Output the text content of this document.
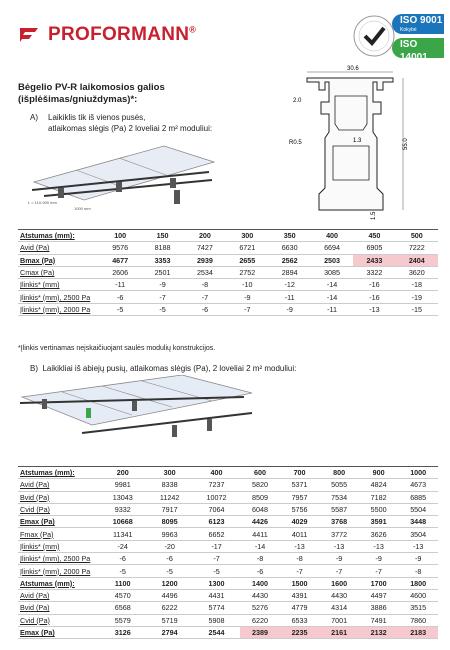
PROFORMANN®
ISO 9001
Kokybė
ISO 14001
Aplinkosauga
Bėgelio PV-R laikomosios galios
(išplėšimas/gniuždymas)*:
A)	Laikiklis tik iš vienos pusės,
atlaikomas slėgis (Pa) 2 loveliai 2 m² moduliui:
30.6
55.0
2.0
R0.5	1.3
1.5
L = 110-900 mm
1000 mm
Atstumas (mm):	100	150	200	300	350	400	450	500
Avid (Pa)	9576	8188	7427	6721	6630	6694	6905	7222
Bmax (Pa)	4677	3353	2939	2655	2562	2503	2433	2404
Cmax (Pa)	2606	2501	2534	2752	2894	3085	3322	3620
Įlinkis* (mm)	-11	-9	-8	-10	-12	-14	-16	-18
Įlinkis* (mm), 2500 Pa	-6	-7	-7	-9	-11	-14	-16	-19
Įlinkis* (mm), 2000 Pa	-5	-5	-6	-7	-9	-11	-13	-15
*Įlinkis vertinamas neįskaičiuojant saulės modulių konstrukcijos.
B) Laikikliai iš abiejų pusių, atlaikomas slėgis (Pa), 2 loveliai 2 m² moduliui:
Atstumas (mm):	200	300	400	600	700	800	900	1000
Avid (Pa)	9981	8338	7237	5820	5371	5055	4824	4673
Bvid (Pa)	13043	11242	10072	8509	7957	7534	7182	6885
Cvid (Pa)	9332	7917	7064	6048	5756	5587	5500	5504
Emax (Pa)	10668	8095	6123	4426	4029	3768	3591	3448
Fmax (Pa)	11341	9963	6652	4411	4011	3772	3626	3504
Įlinkis* (mm)	-24	-20	-17	-14	-13	-13	-13	-13
Įlinkis* (mm), 2500 Pa	-6	-6	-7	-8	-8	-9	-9	-9
Įlinkis* (mm), 2000 Pa	-5	-5	-5	-6	-7	-7	-7	-8
Atstumas (mm):	1100	1200	1300	1400	1500	1600	1700	1800
Avid (Pa)	4570	4496	4431	4430	4391	4430	4497	4600
Bvid (Pa)	6568	6222	5774	5276	4779	4314	3886	3515
Cvid (Pa)	5579	5719	5908	6220	6533	7001	7491	7860
Emax (Pa)	3126	2794	2544	2389	2235	2161	2132	2183
